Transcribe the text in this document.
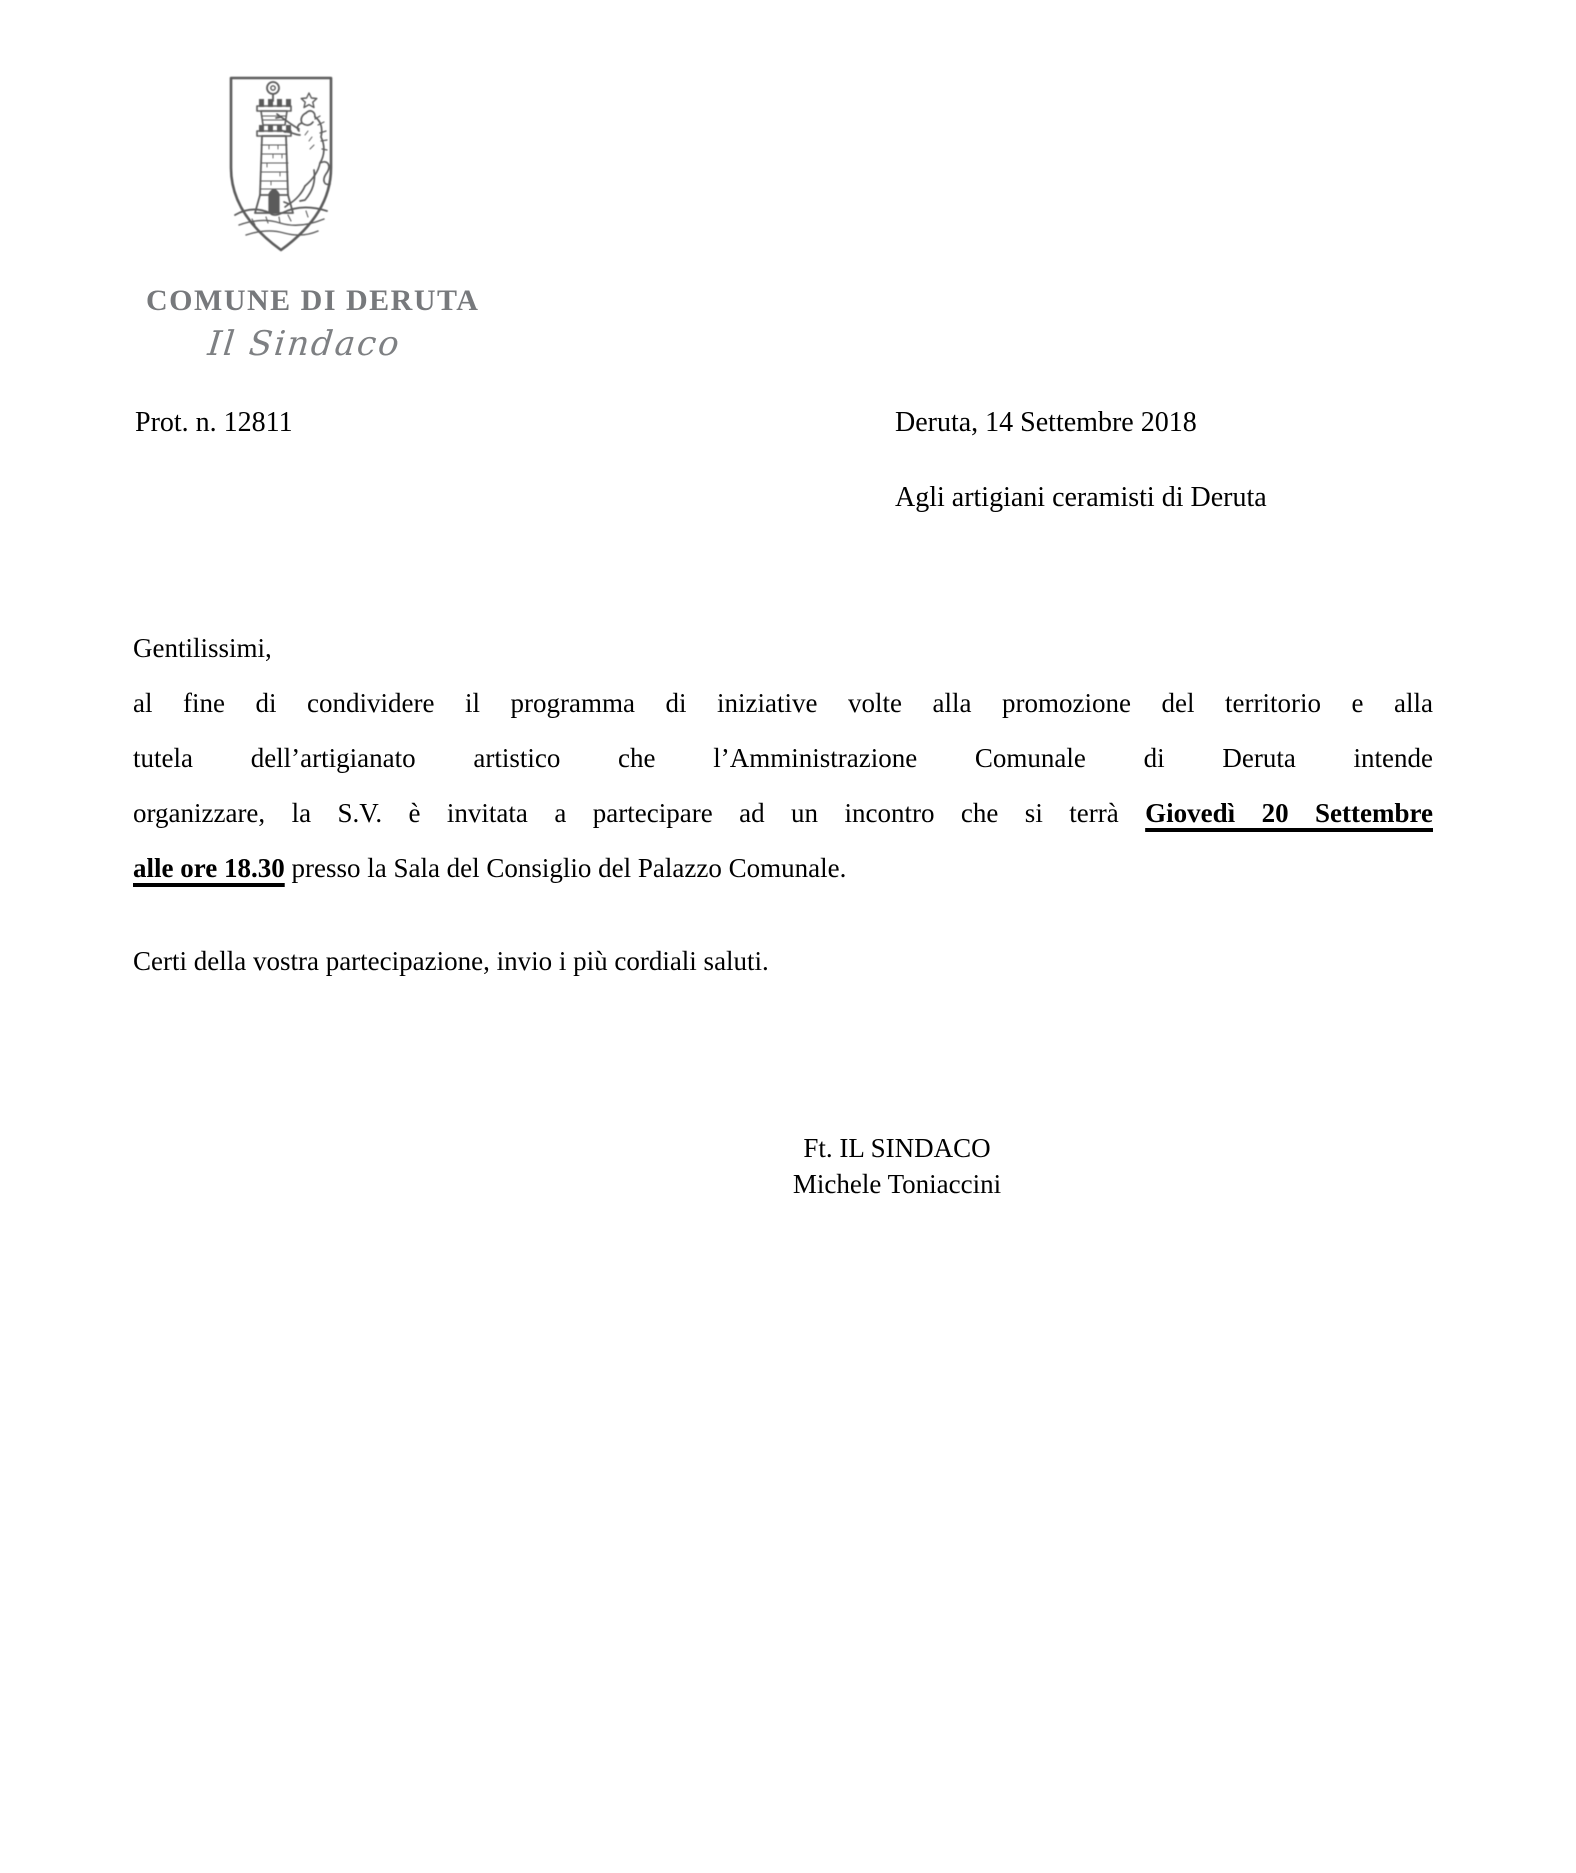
COMUNE DI DERUTA
Il Sindaco
Prot. n. 12811	Deruta, 14 Settembre 2018
Agli artigiani ceramisti di Deruta
Gentilissimi,
al fine di condividere il programma di iniziative volte alla promozione del territorio e alla
tutela dell’artigianato artistico che l’Amministrazione Comunale di Deruta intende
organizzare, la S.V. è invitata a partecipare ad un incontro che si terrà Giovedì 20 Settembre
alle ore 18.30 presso la Sala del Consiglio del Palazzo Comunale.
Certi della vostra partecipazione, invio i più cordiali saluti.
Ft. IL SINDACO
Michele Toniaccini
